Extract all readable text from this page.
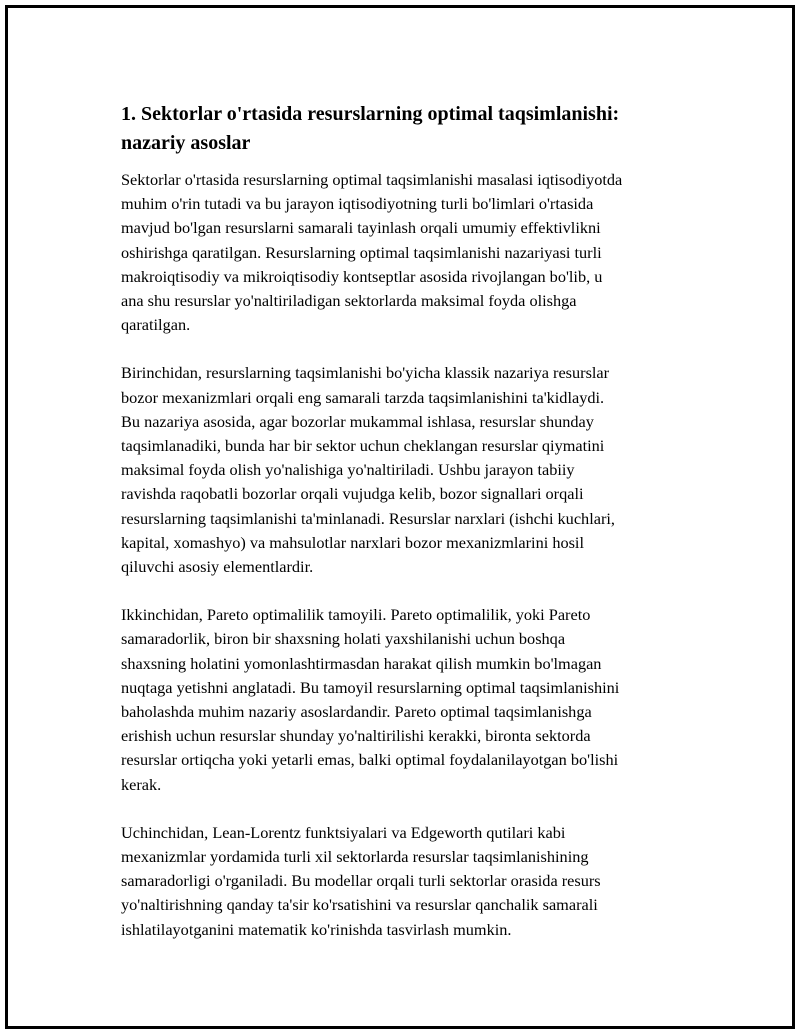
1. Sektorlar o'rtasida resurslarning optimal taqsimlanishi:
nazariy asoslar

Sektorlar o'rtasida resurslarning optimal taqsimlanishi masalasi iqtisodiyotda
muhim o'rin tutadi va bu jarayon iqtisodiyotning turli bo'limlari o'rtasida
mavjud bo'lgan resurslarni samarali tayinlash orqali umumiy effektivlikni
oshirishga qaratilgan. Resurslarning optimal taqsimlanishi nazariyasi turli
makroiqtisodiy va mikroiqtisodiy kontseptlar asosida rivojlangan bo'lib, u
ana shu resurslar yo'naltiriladigan sektorlarda maksimal foyda olishga
qaratilgan.

Birinchidan, resurslarning taqsimlanishi bo'yicha klassik nazariya resurslar
bozor mexanizmlari orqali eng samarali tarzda taqsimlanishini ta'kidlaydi.
Bu nazariya asosida, agar bozorlar mukammal ishlasa, resurslar shunday
taqsimlanadiki, bunda har bir sektor uchun cheklangan resurslar qiymatini
maksimal foyda olish yo'nalishiga yo'naltiriladi. Ushbu jarayon tabiiy
ravishda raqobatli bozorlar orqali vujudga kelib, bozor signallari orqali
resurslarning taqsimlanishi ta'minlanadi. Resurslar narxlari (ishchi kuchlari,
kapital, xomashyo) va mahsulotlar narxlari bozor mexanizmlarini hosil
qiluvchi asosiy elementlardir.

Ikkinchidan, Pareto optimalilik tamoyili. Pareto optimalilik, yoki Pareto
samaradorlik, biron bir shaxsning holati yaxshilanishi uchun boshqa
shaxsning holatini yomonlashtirmasdan harakat qilish mumkin bo'lmagan
nuqtaga yetishni anglatadi. Bu tamoyil resurslarning optimal taqsimlanishini
baholashda muhim nazariy asoslardandir. Pareto optimal taqsimlanishga
erishish uchun resurslar shunday yo'naltirilishi kerakki, bironta sektorda
resurslar ortiqcha yoki yetarli emas, balki optimal foydalanilayotgan bo'lishi
kerak.

Uchinchidan, Lean-Lorentz funktsiyalari va Edgeworth qutilari kabi
mexanizmlar yordamida turli xil sektorlarda resurslar taqsimlanishining
samaradorligi o'rganiladi. Bu modellar orqali turli sektorlar orasida resurs
yo'naltirishning qanday ta'sir ko'rsatishini va resurslar qanchalik samarali
ishlatilayotganini matematik ko'rinishda tasvirlash mumkin.
